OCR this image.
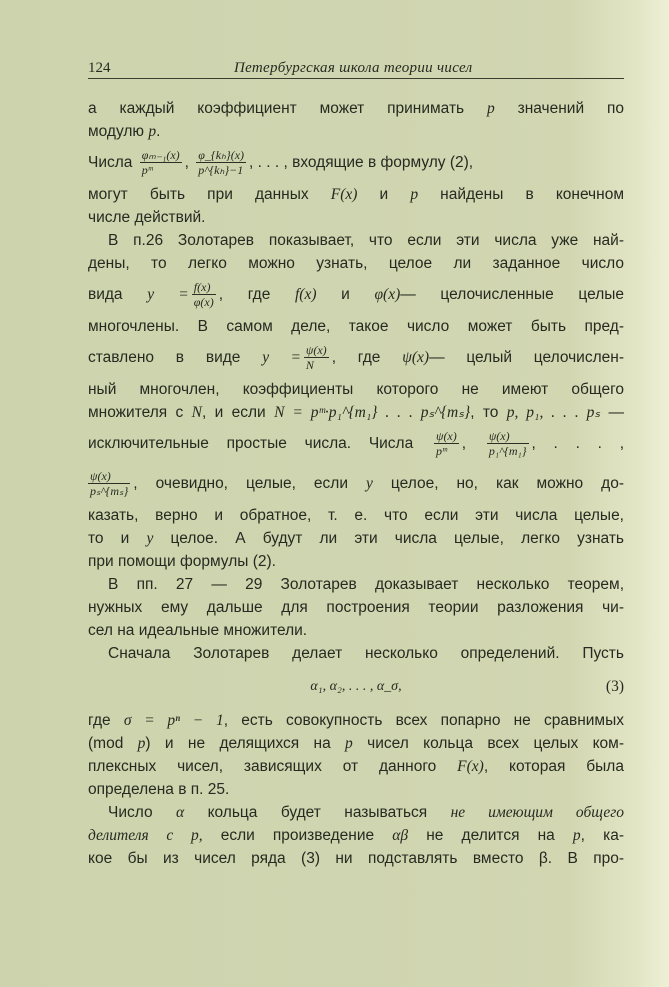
124	Петербургская школа теории чисел
а каждый коэффициент может принимать p значений по
модулю p.
Числа $\frac{\text{φₘ₋₁(x)}}{\text{pᵐ}}$ , $\frac{\text{φ\_\{kₕ\}(x)}}{\text{p\textasciicircum{}\{kₕ\}−1}}$ , . . . , входящие в формулу (2),
могут быть при данных F(x) и p найдены в конечном
числе действий.
В п.26 Золотарев показывает, что если эти числа уже най-
дены, то легко можно узнать, целое ли заданное число
вида $y = \frac{f(x)}{\varphi(x)}$ , где f(x) и φ(x)— целочисленные целые
многочлены. В самом деле, такое число может быть пред-
ставлено в виде $y = \frac{\psi(x)}{N}$ , где ψ(x)— целый целочислен-
ный многочлен, коэффициенты которого не имеют общего
множителя с N, и если N = pᵐ·p₁^{m₁} . . . pₛ^{mₛ}, то p, p₁, . . . pₛ —
исключительные простые числа. Числа $\frac{\psi(x)}{\text{pᵐ}}$ , $\frac{\psi(x)}{\text{p₁\textasciicircum{}\{m₁\}}}$ , . . . ,
$\frac{\psi(x)}{\text{pₛ\textasciicircum{}\{mₛ\}}}$ , очевидно, целые, если y целое, но, как можно до-
казать, верно и обратное, т. е. что если эти числа целые,
то и y целое. А будут ли эти числа целые, легко узнать
при помощи формулы (2).
В пп. 27 — 29 Золотарев доказывает несколько теорем,
нужных ему дальше для построения теории разложения чи-
сел на идеальные множители.
Сначала Золотарев делает несколько определений. Пусть
α₁, α₂, . . . , α_σ,	(3)
где σ = pⁿ − 1, есть совокупность всех попарно не сравнимых
(mod p) и не делящихся на p чисел кольца всех целых ком-
плексных чисел, зависящих от данного F(x), которая была
определена в п. 25.
Число α кольца будет называться не имеющим общего
делителя с p, если произведение αβ не делится на p, ка-
кое бы из чисел ряда (3) ни подставлять вместо β. В про-
